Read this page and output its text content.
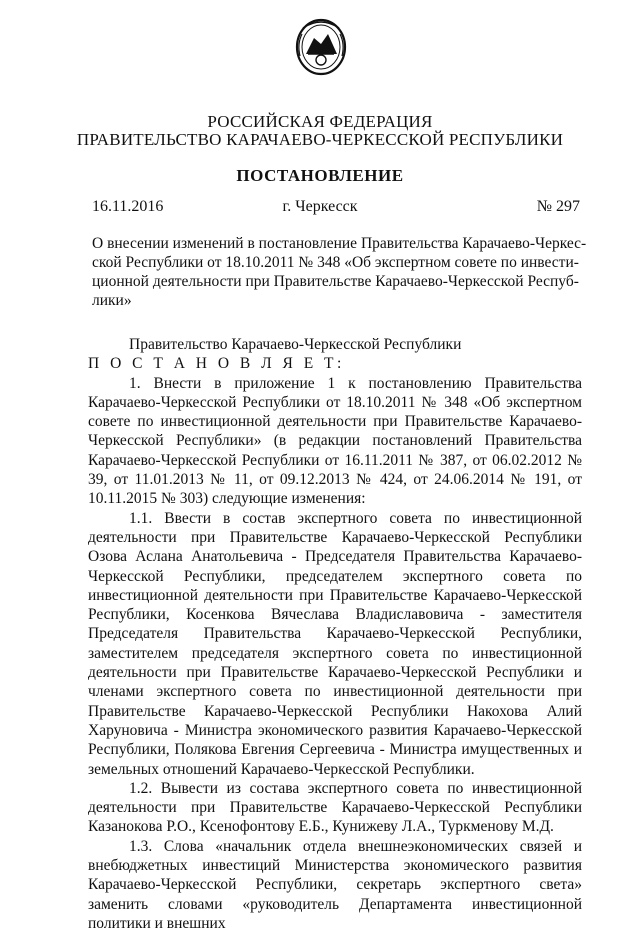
РОССИЙСКАЯ ФЕДЕРАЦИЯ
ПРАВИТЕЛЬСТВО КАРАЧАЕВО-ЧЕРКЕССКОЙ РЕСПУБЛИКИ
ПОСТАНОВЛЕНИЕ
16.11.2016	г. Черкесск	№ 297
О внесении изменений в постановление Правительства Карачаево-Черкес-
ской Республики от 18.10.2011 № 348 «Об экспертном совете по инвести-
ционной деятельности при Правительстве Карачаево-Черкесской Респуб-
лики»
Правительство Карачаево-Черкесской Республики
П О С Т А Н О В Л Я Е Т:
1. Внести в приложение 1 к постановлению Правительства Карачаево-Черкесской Республики от 18.10.2011 № 348 «Об экспертном совете по инвестиционной деятельности при Правительстве Карачаево-Черкесской Республики» (в редакции постановлений Правительства Карачаево-Черкесской Республики от 16.11.2011 № 387, от 06.02.2012 № 39, от 11.01.2013 № 11, от 09.12.2013 № 424, от 24.06.2014 № 191, от 10.11.2015 № 303) следующие изменения:
1.1. Ввести в состав экспертного совета по инвестиционной деятельности при Правительстве Карачаево-Черкесской Республики Озова Аслана Анатольевича - Председателя Правительства Карачаево-Черкесской Республики, председателем экспертного совета по инвестиционной деятельности при Правительстве Карачаево-Черкесской Республики, Косенкова Вячеслава Владиславовича - заместителя Председателя Правительства Карачаево-Черкесской Республики, заместителем председателя экспертного совета по инвестиционной деятельности при Правительстве Карачаево-Черкесской Республики и членами экспертного совета по инвестиционной деятельности при Правительстве Карачаево-Черкесской Республики Накохова Алий Харуновича - Министра экономического развития Карачаево-Черкесской Республики, Полякова Евгения Сергеевича - Министра имущественных и земельных отношений Карачаево-Черкесской Республики.
1.2. Вывести из состава экспертного совета по инвестиционной деятельности при Правительстве Карачаево-Черкесской Республики Казанокова Р.О., Ксенофонтову Е.Б., Кунижеву Л.А., Туркменову М.Д.
1.3. Слова «начальник отдела внешнеэкономических связей и внебюджетных инвестиций Министерства экономического развития Карачаево-Черкесской Республики, секретарь экспертного света» заменить словами «руководитель Департамента инвестиционной политики и внешних
